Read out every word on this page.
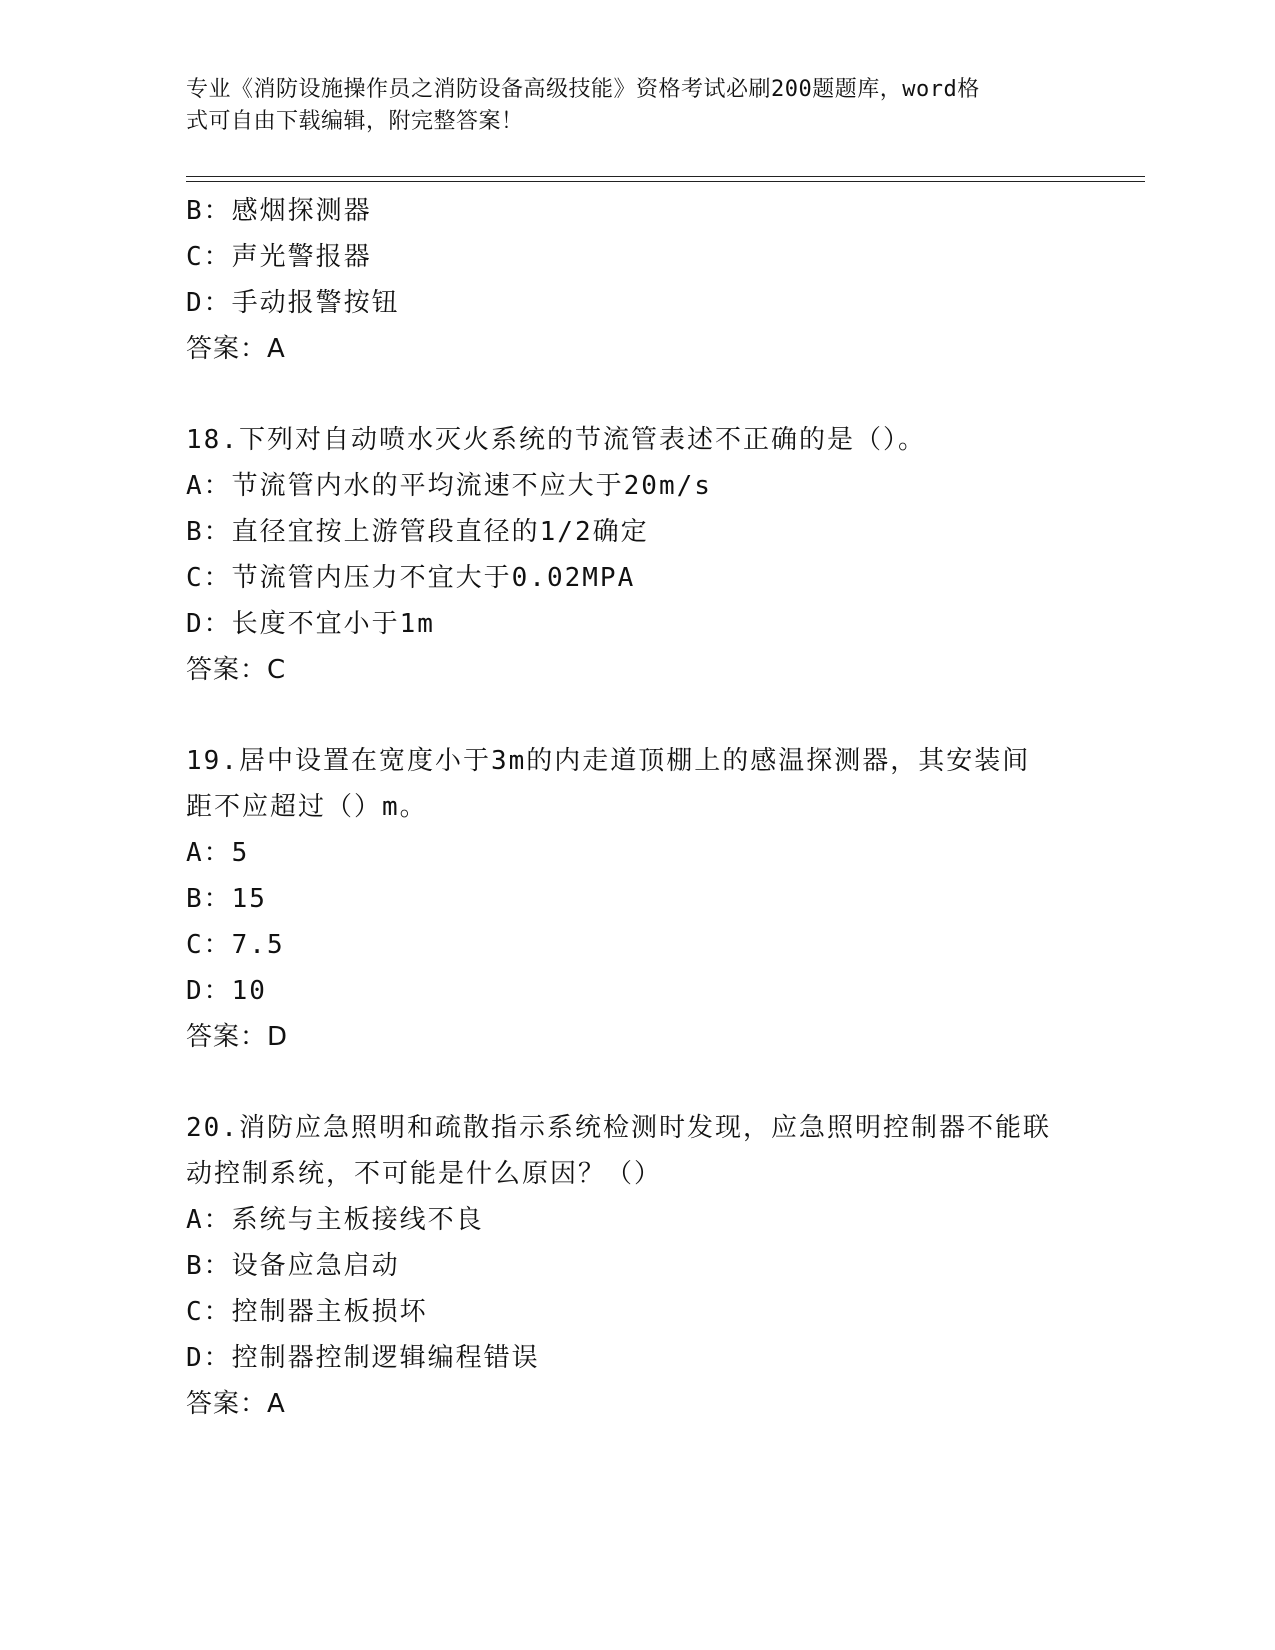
专业《消防设施操作员之消防设备高级技能》资格考试必刷200题题库，word格
式可自由下载编辑，附完整答案！
B：感烟探测器
C：声光警报器
D：手动报警按钮
答案：A
18.下列对自动喷水灭火系统的节流管表述不正确的是（）。
A：节流管内水的平均流速不应大于20m/s
B：直径宜按上游管段直径的1/2确定
C：节流管内压力不宜大于0.02MPA
D：长度不宜小于1m
答案：C
19.居中设置在宽度小于3m的内走道顶棚上的感温探测器，其安装间
距不应超过（）m。
A：5
B：15
C：7.5
D：10
答案：D
20.消防应急照明和疏散指示系统检测时发现，应急照明控制器不能联
动控制系统，不可能是什么原因？（）
A：系统与主板接线不良
B：设备应急启动
C：控制器主板损坏
D：控制器控制逻辑编程错误
答案：A
